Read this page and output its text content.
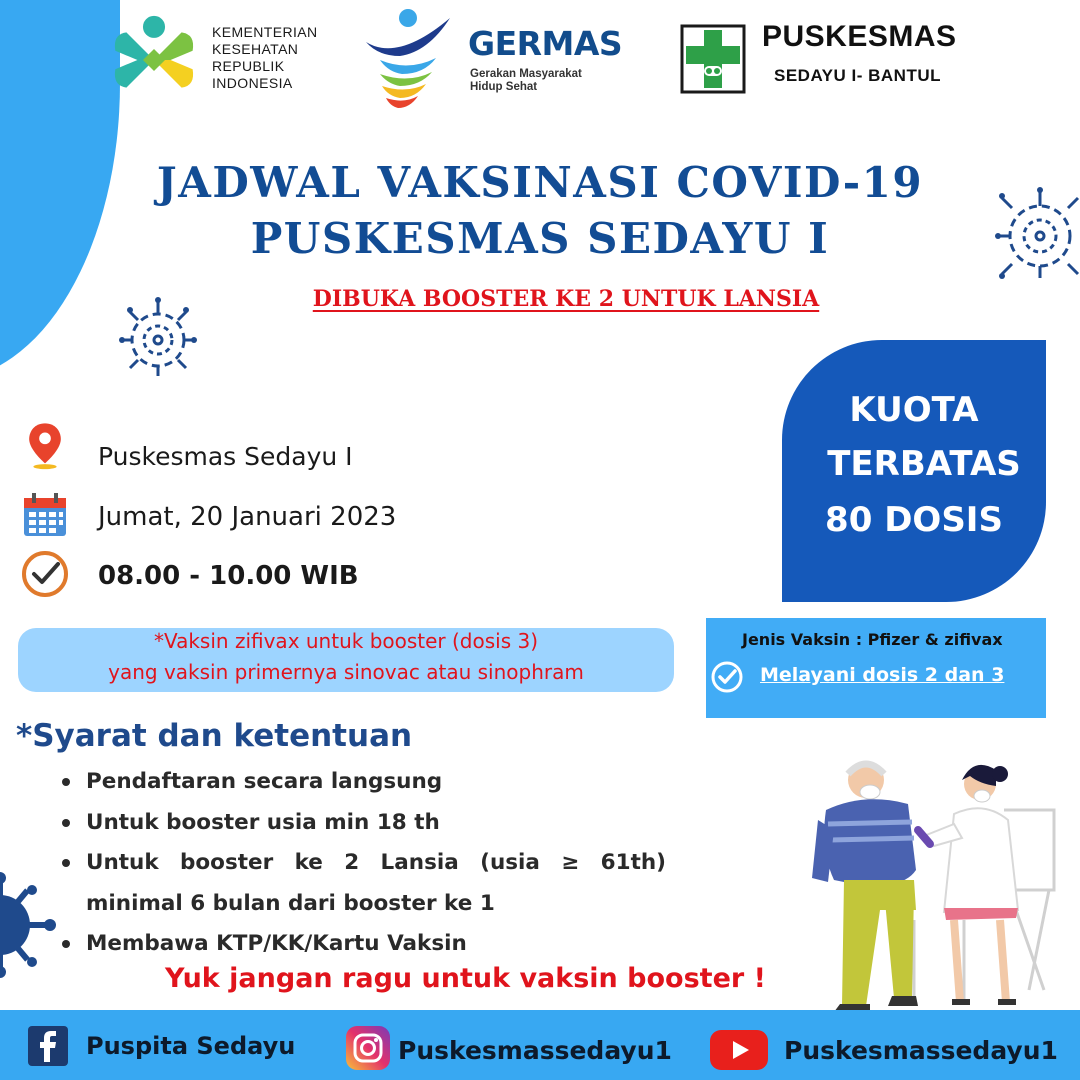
KEMENTERIAN
KESEHATAN
REPUBLIK
INDONESIA
GERMAS
Gerakan Masyarakat
Hidup Sehat
PUSKESMAS
SEDAYU I- BANTUL
JADWAL VAKSINASI COVID-19
PUSKESMAS SEDAYU I
DIBUKA BOOSTER KE 2 UNTUK LANSIA
Puskesmas Sedayu I
Jumat, 20 Januari 2023
08.00 - 10.00 WIB
KUOTA
TERBATAS
80 DOSIS
*Vaksin zifivax untuk booster (dosis 3)
yang vaksin primernya sinovac atau sinophram
Jenis Vaksin : Pfizer & zifivax
Melayani dosis 2 dan 3
*Syarat dan ketentuan
Pendaftaran secara langsung
Untuk booster usia min 18 th
Untuk booster ke 2 Lansia (usia ≥ 61th)
minimal 6 bulan dari booster ke 1
Membawa KTP/KK/Kartu Vaksin
Yuk jangan ragu untuk vaksin booster !
Puspita Sedayu	Puskesmassedayu1	Puskesmassedayu1
